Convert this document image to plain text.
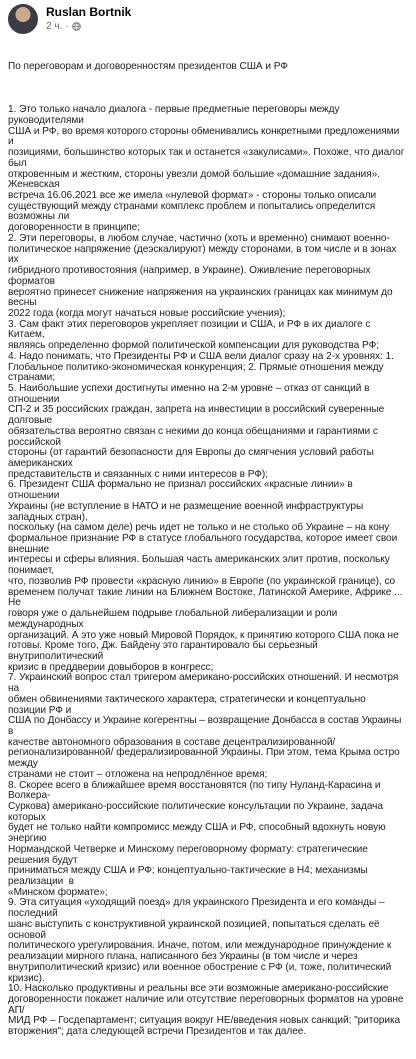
Ruslan Bortnik
2 ч. ·

По переговорам и договоренностям президентов США и РФ

1. Это только начало диалога - первые предметные переговоры между руководителями
США и РФ, во время которого стороны обменивались конкретными предложениями и
позициями, большинство которых так и останется «закулисами». Похоже, что диалог был
откровенным и жестким, стороны увезли домой большие «домашние задания». Женевская
встреча 16.06.2021 все же имела «нулевой формат» - стороны только описали
существующий между странами комплекс проблем и попытались определится возможны ли
договоренности в принципе;
2. Эти переговоры, в любом случае, частично (хоть и временно) снимают военно-
политическое напряжение (деэскалируют) между сторонами, в том числе и в зонах их
гибридного противостояния (например, в Украине). Оживление переговорных форматов
вероятно принесет снижение напряжения на украинских границах как минимум до весны
2022 года (когда могут начаться новые российские учения);
3. Сам факт этих переговоров укрепляет позиции и США, и РФ в их диалоге с Китаем,
являясь определенно формой политической компенсации для руководства РФ;
4. Надо понимать, что Президенты РФ и США вели диалог сразу на 2-х уровнях: 1.
Глобальное политико-экономическая конкуренция; 2. Прямые отношения между странами;
5. Наибольшие успехи достигнуты именно на 2-м уровне – отказ от санкций в отношении
СП-2 и 35 российских граждан, запрета на инвестиции в российский суверенные долговые
обязательства вероятно связан с некими до конца обещаниями и гарантиями с российской
стороны (от гарантий безопасности для Европы до смягчения условий работы американских
представительств и связанных с ними интересов в РФ);
6. Президент США формально не признал российских «красные линии» в отношении
Украины (не вступление в НАТО и не размещение военной инфраструктуры западных стран),
поскольку (на самом деле) речь идет не только и не столько об Украине – на кону
формальное признание РФ в статусе глобального государства, которое имеет свои внешние
интересы и сферы влияния. Большая часть американских элит против, поскольку понимает,
что, позволив РФ провести «красную линию» в Европе (по украинской границе), со
временем получат такие линии на Ближнем Востоке, Латинской Америке, Африке ... Не
говоря уже о дальнейшем подрыве глобальной либерализации и роли международных
организаций. А это уже новый Мировой Порядок, к принятию которого США пока не
готовы. Кроме того, Дж. Байдену это гарантировало бы серьезный внутриполитический
кризис в преддверии довыборов в конгресс;
7. Украинский вопрос стал тригером американо-российских отношений. И несмотря на
обмен обвинениями тактического характера, стратегически и концептуально позиции РФ и
США по Донбассу и Украине когерентны – возвращение Донбасса в состав Украины в
качестве автономного образования в составе децентрализированной/
регионализированной/ федерализированной Украины. При этом, тема Крыма остро между
странами не стоит – отложена на непродлённое время;
8. Скорее всего в ближайшее время восстановятся (по типу Нуланд-Карасина и Волкера-
Суркова) американо-российские политические консультации по Украине, задача которых
будет не только найти компромисс между США и РФ, способный вдохнуть новую энергию
Нормандской Четверке и Минскому переговорному формату: стратегические решения будут
приниматься между США и РФ; концептуально-тактические в Н4; механизмы реализации  в
«Минском формате»;
9. Эта ситуация «уходящий поезд» для украинского Президента и его команды – последний
шанс выступить с конструктивной украинской позицией, попытаться сделать её основой
политического урегулирования. Иначе, потом, или международное принуждение к
реализации мирного плана, написанного без Украины (в том числе и через
внутриполитический кризис) или военное обострение с РФ (и, тоже, политический кризис).
10. Насколько продуктивны и реальны все эти возможные американо-российские
договоренности покажет наличие или отсутствие переговорных форматов на уровне АП/
МИД РФ – Госдепартамент; ситуация вокруг НЕ/введения новых санкций; "риторика
вторжения"; дата следующей встречи Президентов и так далее.
